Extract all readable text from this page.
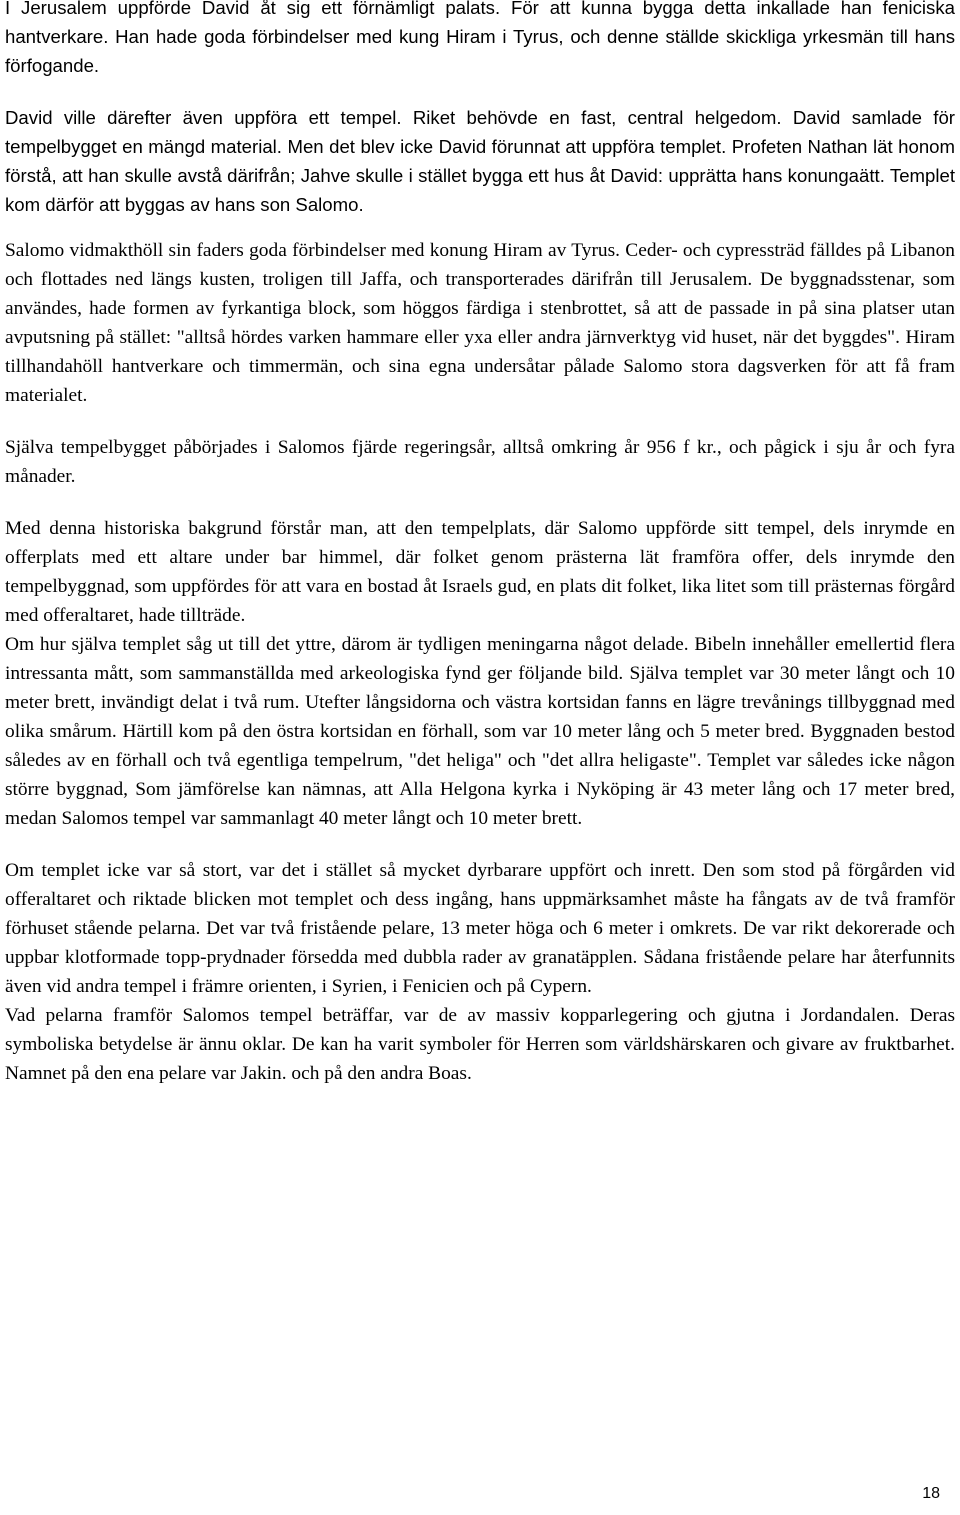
I Jerusalem uppförde David åt sig ett förnämligt palats. För att kunna bygga detta inkallade han feniciska hantverkare. Han hade goda förbindelser med kung Hiram i Tyrus, och denne ställde skickliga yrkesmän till hans förfogande.

David ville därefter även uppföra ett tempel. Riket behövde en fast, central helgedom. David samlade för tempelbygget en mängd material. Men det blev icke David förunnat att uppföra templet. Profeten Nathan lät honom förstå, att han skulle avstå därifrån; Jahve skulle i stället bygga ett hus åt David: upprätta hans konungaätt. Templet kom därför att byggas av hans son Salomo.

Salomo vidmakthöll sin faders goda förbindelser med konung Hiram av Tyrus. Ceder- och cypressträd fälldes på Libanon och flottades ned längs kusten, troligen till Jaffa, och transporterades därifrån till Jerusalem. De byggnadsstenar, som användes, hade formen av fyrkantiga block, som höggos färdiga i stenbrottet, så att de passade in på sina platser utan avputsning på stället: "alltså hördes varken hammare eller yxa eller andra järnverktyg vid huset, när det byggdes". Hiram tillhandahöll hantverkare och timmermän, och sina egna undersåtar pålade Salomo stora dagsverken för att få fram materialet.

Själva tempelbygget påbörjades i Salomos fjärde regeringsår, alltså omkring år 956 f kr., och pågick i sju år och fyra månader.

Med denna historiska bakgrund förstår man, att den tempelplats, där Salomo uppförde sitt tempel, dels inrymde en offerplats med ett altare under bar himmel, där folket genom prästerna lät framföra offer, dels inrymde den tempelbyggnad, som uppfördes för att vara en bostad åt Israels gud, en plats dit folket, lika litet som till prästernas förgård med offeraltaret, hade tillträde.

Om hur själva templet såg ut till det yttre, därom är tydligen meningarna något delade. Bibeln innehåller emellertid flera intressanta mått, som sammanställda med arkeologiska fynd ger följande bild. Själva templet var 30 meter långt och 10 meter brett, invändigt delat i två rum. Utefter långsidorna och västra kortsidan fanns en lägre trevånings tillbyggnad med olika smårum. Härtill kom på den östra kortsidan en förhall, som var 10 meter lång och 5 meter bred. Byggnaden bestod således av en förhall och två egentliga tempelrum, "det heliga" och "det allra heligaste". Templet var således icke någon större byggnad, Som jämförelse kan nämnas, att Alla Helgona kyrka i Nyköping är 43 meter lång och 17 meter bred, medan Salomos tempel var sammanlagt 40 meter långt och 10 meter brett.

Om templet icke var så stort, var det i stället så mycket dyrbarare uppfört och inrett. Den som stod på förgården vid offeraltaret och riktade blicken mot templet och dess ingång, hans uppmärksamhet måste ha fångats av de två framför förhuset stående pelarna. Det var två fristående pelare, 13 meter höga och 6 meter i omkrets. De var rikt dekorerade och uppbar klotformade topp-prydnader försedda med dubbla rader av granatäpplen. Sådana fristående pelare har återfunnits även vid andra tempel i främre orienten, i Syrien, i Fenicien och på Cypern.

Vad pelarna framför Salomos tempel beträffar, var de av massiv kopparlegering och gjutna i Jordandalen. Deras symboliska betydelse är ännu oklar. De kan ha varit symboler för Herren som världshärskaren och givare av fruktbarhet. Namnet på den ena pelare var Jakin. och på den andra Boas.

18
